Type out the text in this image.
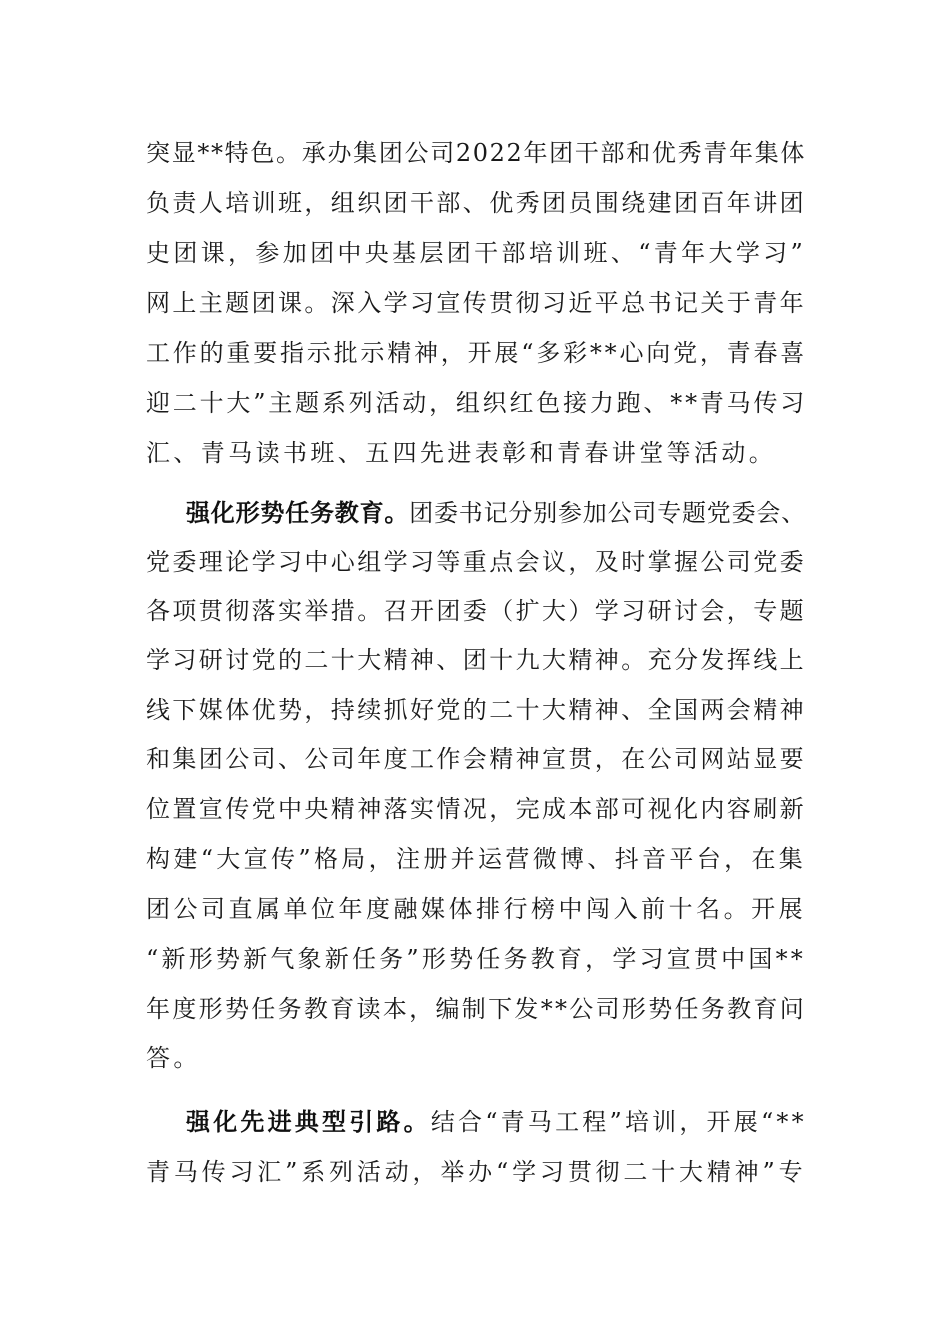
突显**特色。承办集团公司2022年团干部和优秀青年集体
负责人培训班，组织团干部、优秀团员围绕建团百年讲团
史团课，参加团中央基层团干部培训班、“青年大学习”
网上主题团课。深入学习宣传贯彻习近平总书记关于青年
工作的重要指示批示精神，开展“多彩**心向党，青春喜
迎二十大”主题系列活动，组织红色接力跑、**青马传习
汇、青马读书班、五四先进表彰和青春讲堂等活动。
强化形势任务教育。团委书记分别参加公司专题党委会、
党委理论学习中心组学习等重点会议，及时掌握公司党委
各项贯彻落实举措。召开团委（扩大）学习研讨会，专题
学习研讨党的二十大精神、团十九大精神。充分发挥线上
线下媒体优势，持续抓好党的二十大精神、全国两会精神
和集团公司、公司年度工作会精神宣贯，在公司网站显要
位置宣传党中央精神落实情况，完成本部可视化内容刷新
构建“大宣传”格局，注册并运营微博、抖音平台，在集
团公司直属单位年度融媒体排行榜中闯入前十名。开展
“新形势新气象新任务”形势任务教育，学习宣贯中国**
年度形势任务教育读本，编制下发**公司形势任务教育问
答。
强化先进典型引路。结合“青马工程”培训，开展“**
青马传习汇”系列活动，举办“学习贯彻二十大精神”专
